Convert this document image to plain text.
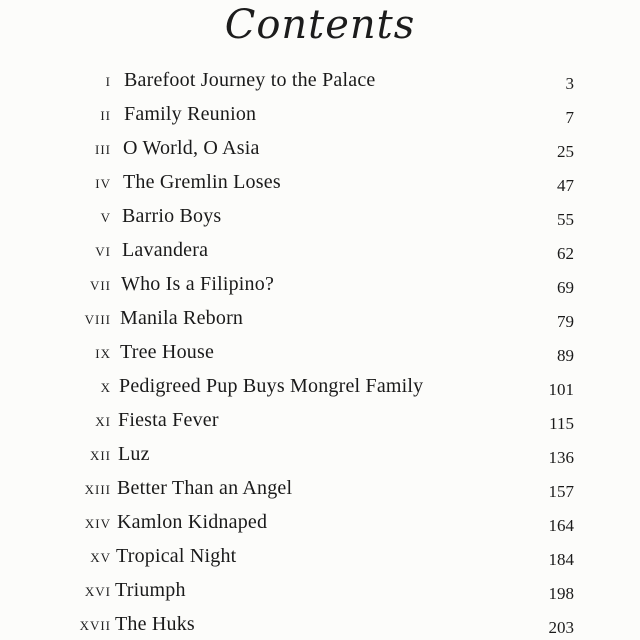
Contents
I Barefoot Journey to the Palace	3
II Family Reunion	7
III O World, O Asia	25
IV The Gremlin Loses	47
V Barrio Boys	55
VI Lavandera	62
VII Who Is a Filipino?	69
VIII Manila Reborn	79
IX Tree House	89
X Pedigreed Pup Buys Mongrel Family	101
XI Fiesta Fever	115
XII Luz	136
XIII Better Than an Angel	157
XIV Kamlon Kidnaped	164
XV Tropical Night	184
XVI Triumph	198
XVII The Huks	203
